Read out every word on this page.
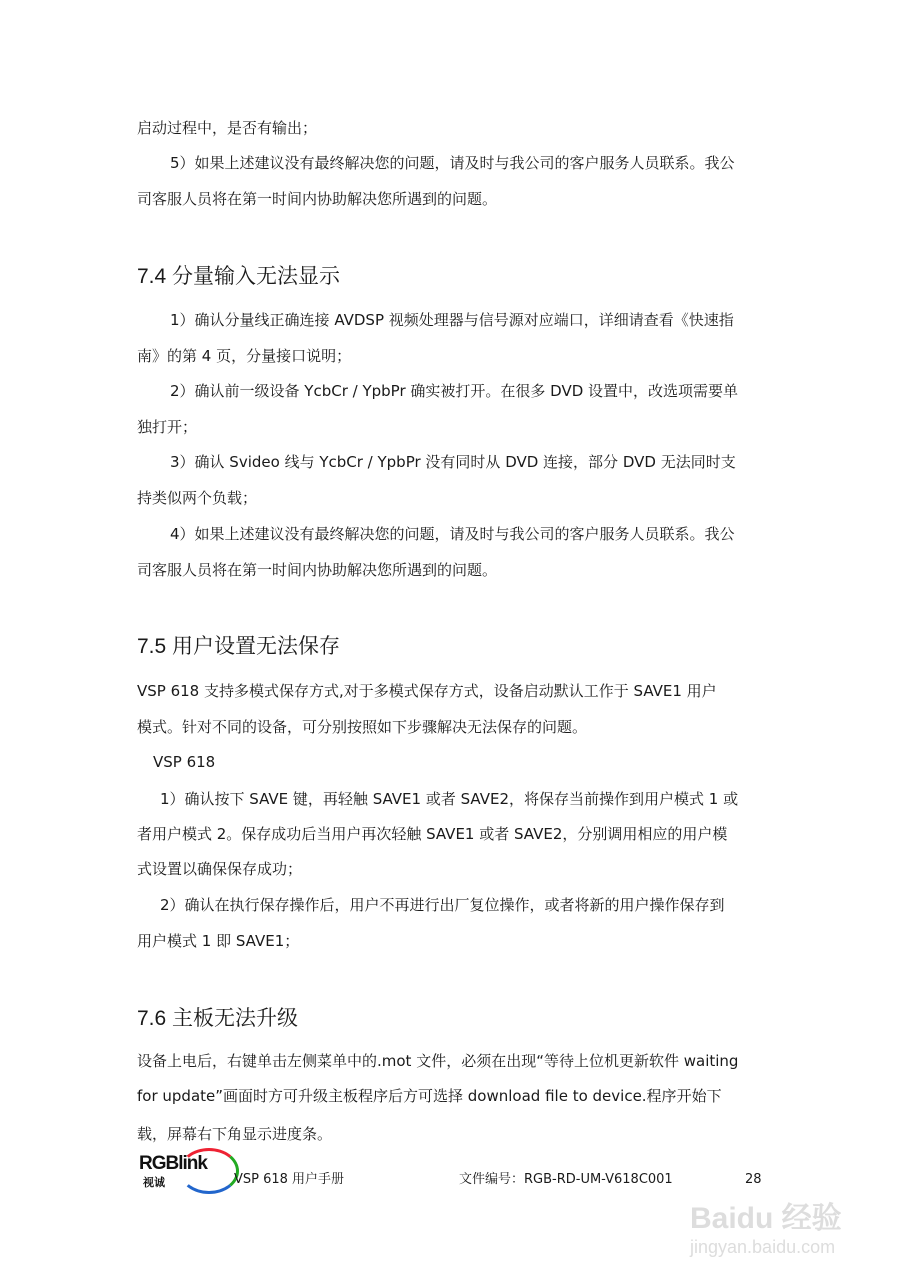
启动过程中，是否有输出；
5）如果上述建议没有最终解决您的问题，请及时与我公司的客户服务人员联系。我公
司客服人员将在第一时间内协助解决您所遇到的问题。
7.4 分量输入无法显示
1）确认分量线正确连接 AVDSP 视频处理器与信号源对应端口，详细请查看《快速指
南》的第 4 页，分量接口说明；
2）确认前一级设备 YcbCr / YpbPr 确实被打开。在很多 DVD 设置中，改选项需要单
独打开；
3）确认 Svideo 线与 YcbCr / YpbPr 没有同时从 DVD 连接，部分 DVD 无法同时支
持类似两个负载；
4）如果上述建议没有最终解决您的问题，请及时与我公司的客户服务人员联系。我公
司客服人员将在第一时间内协助解决您所遇到的问题。
7.5 用户设置无法保存
VSP 618 支持多模式保存方式,对于多模式保存方式，设备启动默认工作于 SAVE1 用户
模式。针对不同的设备，可分别按照如下步骤解决无法保存的问题。
VSP 618
1）确认按下 SAVE 键，再轻触 SAVE1 或者 SAVE2，将保存当前操作到用户模式 1 或
者用户模式 2。保存成功后当用户再次轻触 SAVE1 或者 SAVE2，分别调用相应的用户模
式设置以确保保存成功；
2）确认在执行保存操作后，用户不再进行出厂复位操作，或者将新的用户操作保存到
用户模式 1 即 SAVE1；
7.6 主板无法升级
设备上电后，右键单击左侧菜单中的.mot 文件，必须在出现“等待上位机更新软件 waiting
for update”画面时方可升级主板程序后方可选择 download file to device.程序开始下
载，屏幕右下角显示进度条。
RGBlink
视诚	VSP 618 用户手册	文件编号：RGB-RD-UM-V618C001	28
Baidu 经验
jingyan.baidu.com
